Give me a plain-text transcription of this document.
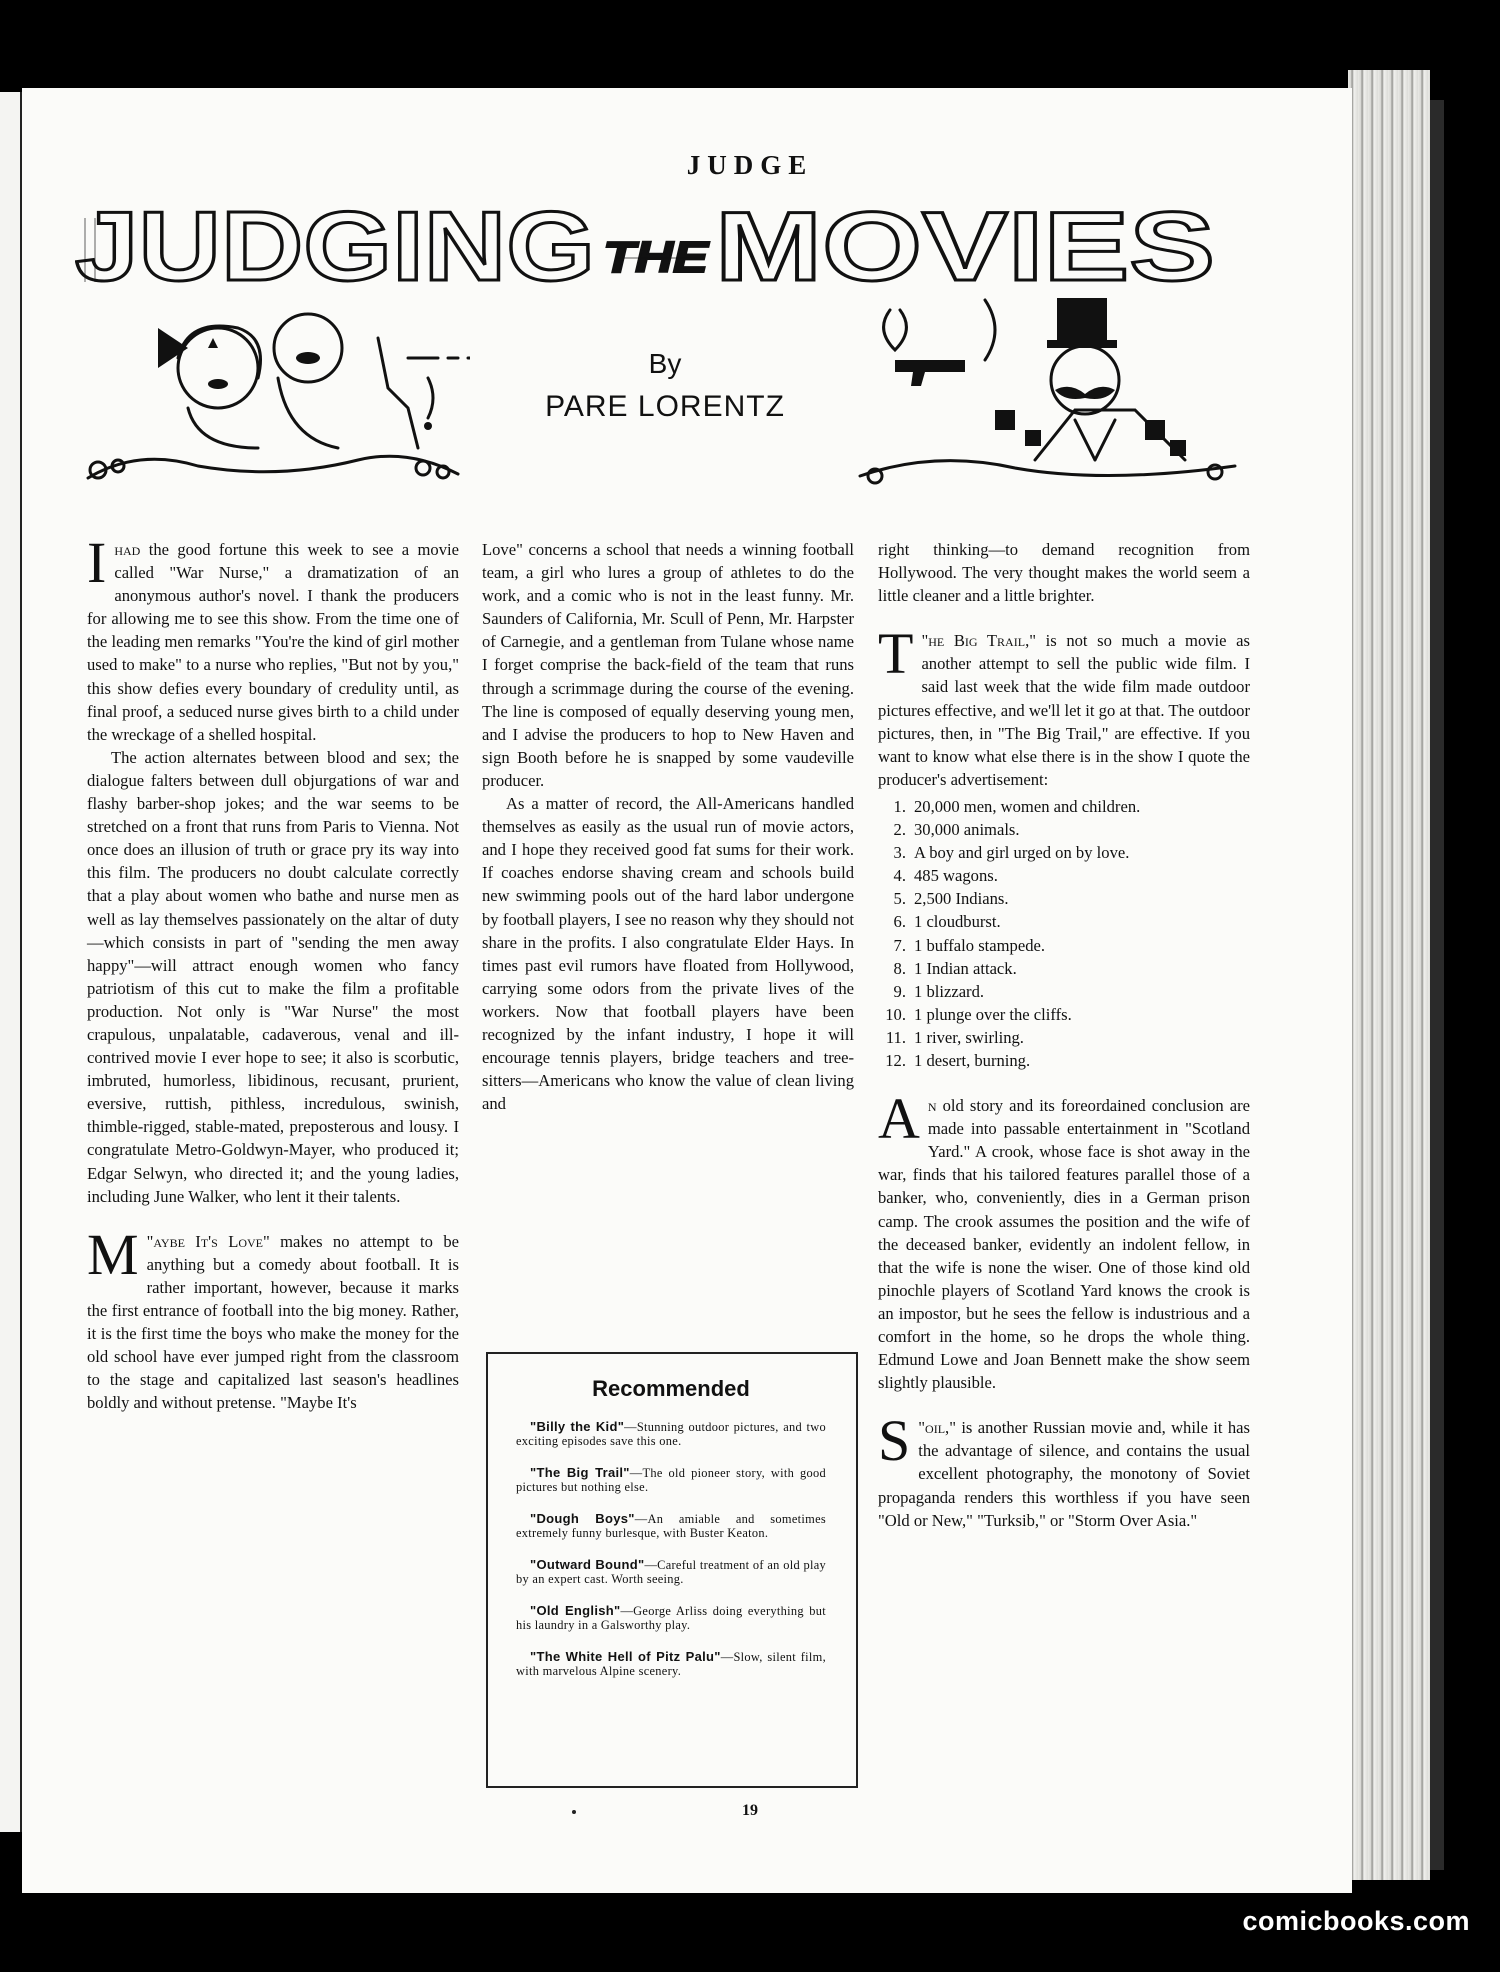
JUDGE
JUDGING THE MOVIES
By
PARE LORENTZ

Ihad the good fortune this week to see a movie called "War Nurse," a dramatization of an anonymous author's novel. I thank the producers for allowing me to see this show. From the time one of the leading men remarks "You're the kind of girl mother used to make" to a nurse who replies, "But not by you," this show defies every boundary of credulity until, as final proof, a seduced nurse gives birth to a child under the wreckage of a shelled hospital.

The action alternates between blood and sex; the dialogue falters between dull objurgations of war and flashy barber-shop jokes; and the war seems to be stretched on a front that runs from Paris to Vienna. Not once does an illusion of truth or grace pry its way into this film. The producers no doubt calculate correctly that a play about women who bathe and nurse men as well as lay themselves passionately on the altar of duty—which consists in part of "sending the men away happy"—will attract enough women who fancy patriotism of this cut to make the film a profitable production. Not only is "War Nurse" the most crapulous, unpalatable, cadaverous, venal and ill-contrived movie I ever hope to see; it also is scorbutic, imbruted, humorless, libidinous, recusant, prurient, eversive, ruttish, pithless, incredulous, swinish, thimble-rigged, stable-mated, preposterous and lousy. I congratulate Metro-Goldwyn-Mayer, who produced it; Edgar Selwyn, who directed it; and the young ladies, including June Walker, who lent it their talents.

"
M aybe It's Love" makes no attempt to be anything but a comedy about football. It is rather important, however, because it marks the first entrance of football into the big money. Rather, it is the first time the boys who make the money for the old school have ever jumped right from the classroom to the stage and capitalized last season's headlines boldly and without pretense. "Maybe It's

Love" concerns a school that needs a winning football team, a girl who lures a group of athletes to do the work, and a comic who is not in the least funny. Mr. Saunders of California, Mr. Scull of Penn, Mr. Harpster of Carnegie, and a gentleman from Tulane whose name I forget comprise the back-field of the team that runs through a scrimmage during the course of the evening. The line is composed of equally deserving young men, and I advise the producers to hop to New Haven and sign Booth before he is snapped by some vaudeville producer.

As a matter of record, the All-Americans handled themselves as easily as the usual run of movie actors, and I hope they received good fat sums for their work. If coaches endorse shaving cream and schools build new swimming pools out of the hard labor undergone by football players, I see no reason why they should not share in the profits. I also congratulate Elder Hays. In times past evil rumors have floated from Hollywood, carrying some odors from the private lives of the workers. Now that football players have been recognized by the infant industry, I hope it will encourage tennis players, bridge teachers and tree-sitters—Americans who know the value of clean living and

Recommended
"Billy the Kid"—Stunning outdoor pictures, and two exciting episodes save this one.
"The Big Trail"—The old pioneer story, with good pictures but nothing else.
"Dough Boys"—An amiable and sometimes extremely funny burlesque, with Buster Keaton.
"Outward Bound"—Careful treatment of an old play by an expert cast. Worth seeing.
"Old English"—George Arliss doing everything but his laundry in a Galsworthy play.
"The White Hell of Pitz Palu"—Slow, silent film, with marvelous Alpine scenery.

right thinking—to demand recognition from Hollywood. The very thought makes the world seem a little cleaner and a little brighter.

"
T he Big Trail," is not so much a movie as another attempt to sell the public wide film. I said last week that the wide film made outdoor pictures effective, and we'll let it go at that. The outdoor pictures, then, in "The Big Trail," are effective. If you want to know what else there is in the show I quote the producer's advertisement:

1. 20,000 men, women and children.
2. 30,000 animals.
3. A boy and girl urged on by love.
4. 485 wagons.
5. 2,500 Indians.
6. 1 cloudburst.
7. 1 buffalo stampede.
8. 1 Indian attack.
9. 1 blizzard.
10. 1 plunge over the cliffs.
11. 1 river, swirling.
12. 1 desert, burning.

An old story and its foreordained conclusion are made into passable entertainment in "Scotland Yard." A crook, whose face is shot away in the war, finds that his tailored features parallel those of a banker, who, conveniently, dies in a German prison camp. The crook assumes the position and the wife of the deceased banker, evidently an indolent fellow, in that the wife is none the wiser. One of those kind old pinochle players of Scotland Yard knows the crook is an impostor, but he sees the fellow is industrious and a comfort in the home, so he drops the whole thing. Edmund Lowe and Joan Bennett make the show seem slightly plausible.

"
S oil," is another Russian movie and, while it has the advantage of silence, and contains the usual excellent photography, the monotony of Soviet propaganda renders this worthless if you have seen "Old or New," "Turksib," or "Storm Over Asia."

19
comicbooks.com
